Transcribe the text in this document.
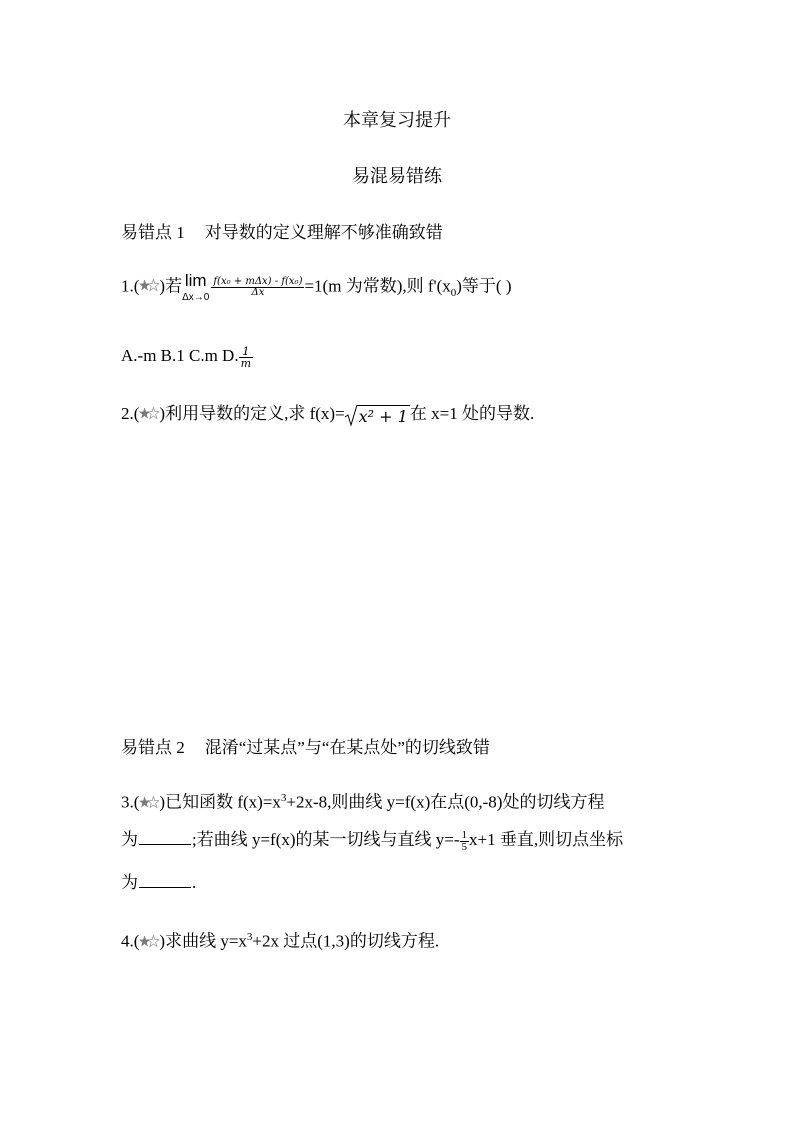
本章复习提升
易混易错练
易错点 1 对导数的定义理解不够准确致错
1.( )若 lim
$\Delta x\to 0 \frac{\text{f(x₀ + mΔx) - f(x₀)}}{\Delta x} =1(m$ 为常数),则 $f'(x_0)$等于( )
A.-m B.1 C.m D. $\frac{1}{m}$
2.( )利用导数的定义,求 f(x)= x² + 1 在 x=1 处的导数.
易错点 2 混淆“过某点”与“在某点处”的切线致错
3.( )已知函数 $f(x)=x^3+2x-8$,则曲线 y=f(x)在点(0,-8)处的切线方程
为	;若曲线 y=f(x)的某一切线与直线 $y=- \frac{1}{5} x+1$ 垂直,则切点坐标
为	.
4.( )求曲线 $y=x^3+2x$ 过点(1,3)的切线方程.
